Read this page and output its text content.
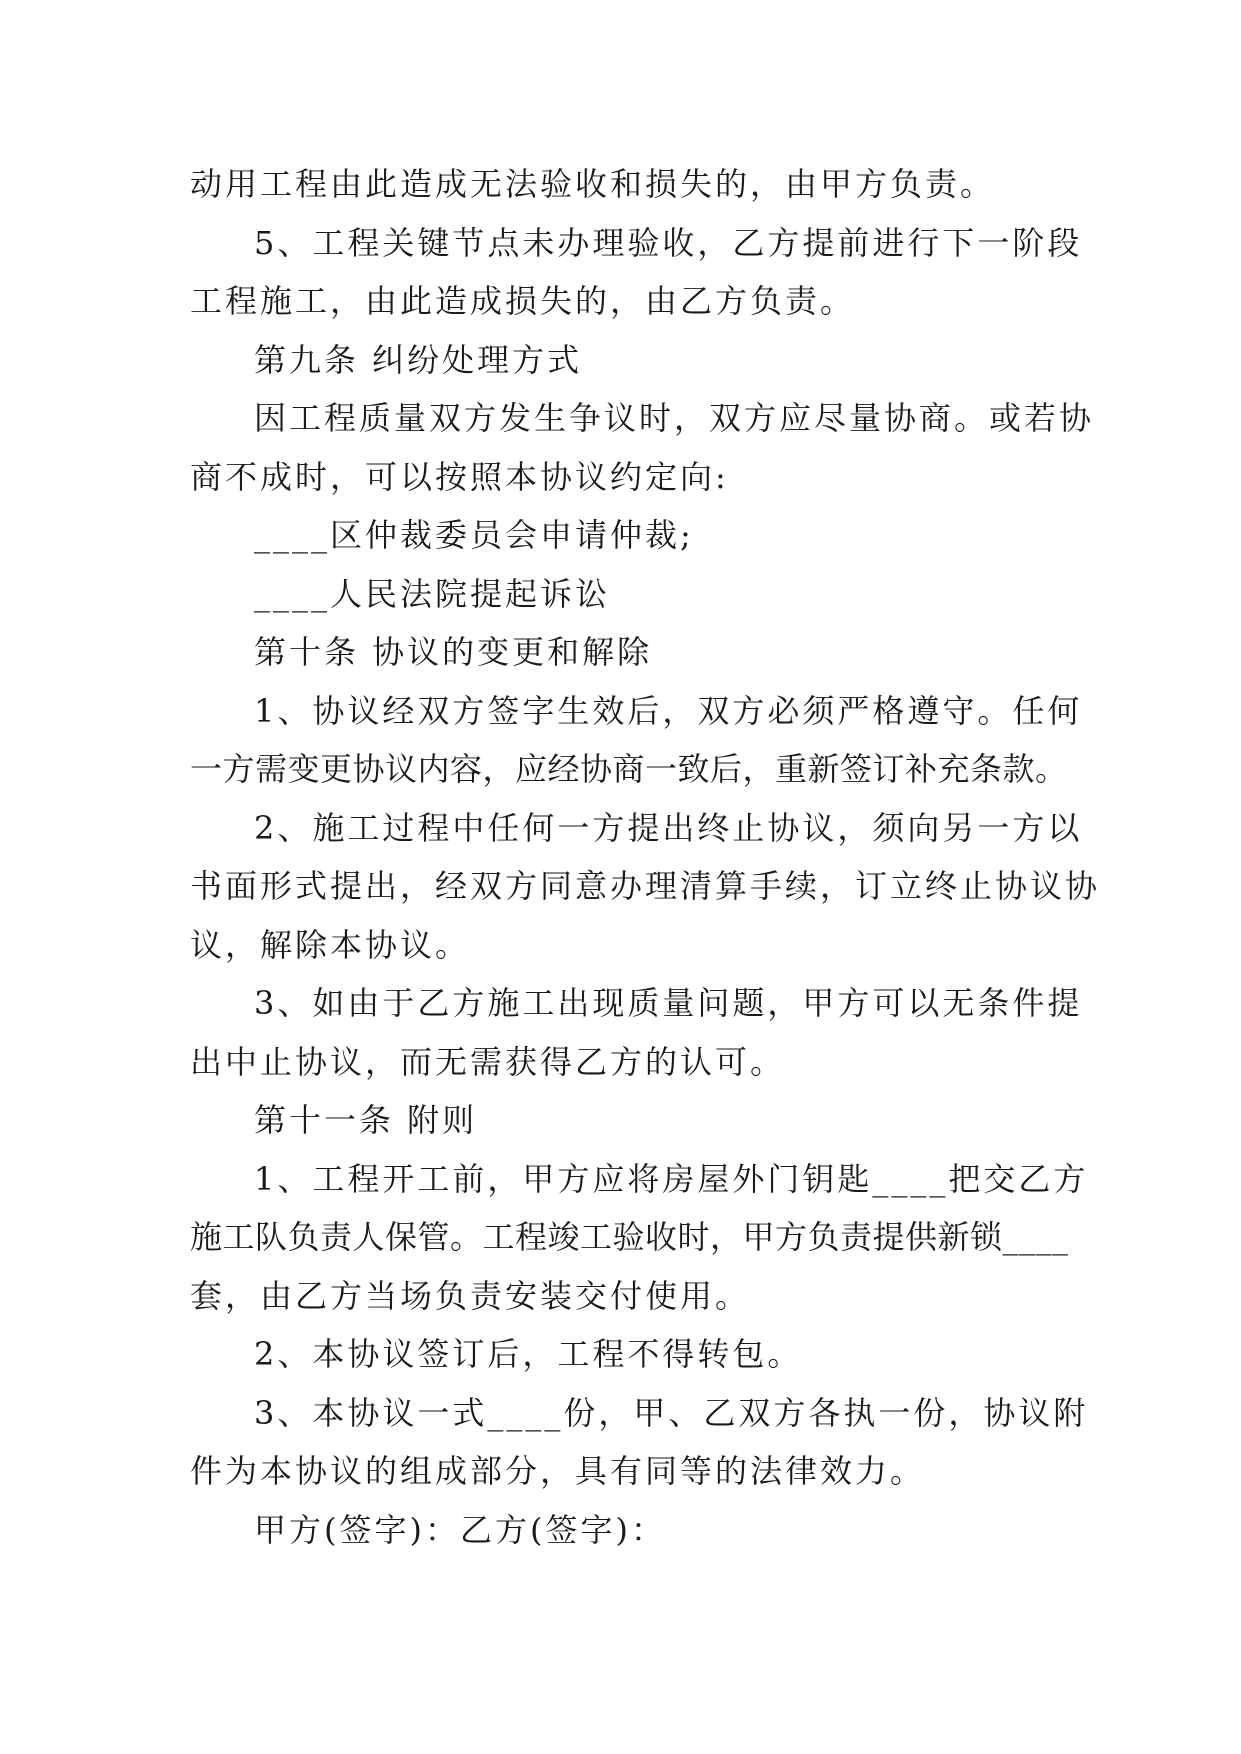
动用工程由此造成无法验收和损失的，由甲方负责。
5、工程关键节点未办理验收，乙方提前进行下一阶段
工程施工，由此造成损失的，由乙方负责。
第九条 纠纷处理方式
因工程质量双方发生争议时，双方应尽量协商。或若协
商不成时，可以按照本协议约定向:
____区仲裁委员会申请仲裁;
____人民法院提起诉讼
第十条 协议的变更和解除
1、协议经双方签字生效后，双方必须严格遵守。任何
一方需变更协议内容，应经协商一致后，重新签订补充条款。
2、施工过程中任何一方提出终止协议，须向另一方以
书面形式提出，经双方同意办理清算手续，订立终止协议协
议，解除本协议。
3、如由于乙方施工出现质量问题，甲方可以无条件提
出中止协议，而无需获得乙方的认可。
第十一条 附则
1、工程开工前，甲方应将房屋外门钥匙____把交乙方
施工队负责人保管。工程竣工验收时，甲方负责提供新锁____
套，由乙方当场负责安装交付使用。
2、本协议签订后，工程不得转包。
3、本协议一式____份，甲、乙双方各执一份，协议附
件为本协议的组成部分，具有同等的法律效力。
甲方(签字)：乙方(签字)：
